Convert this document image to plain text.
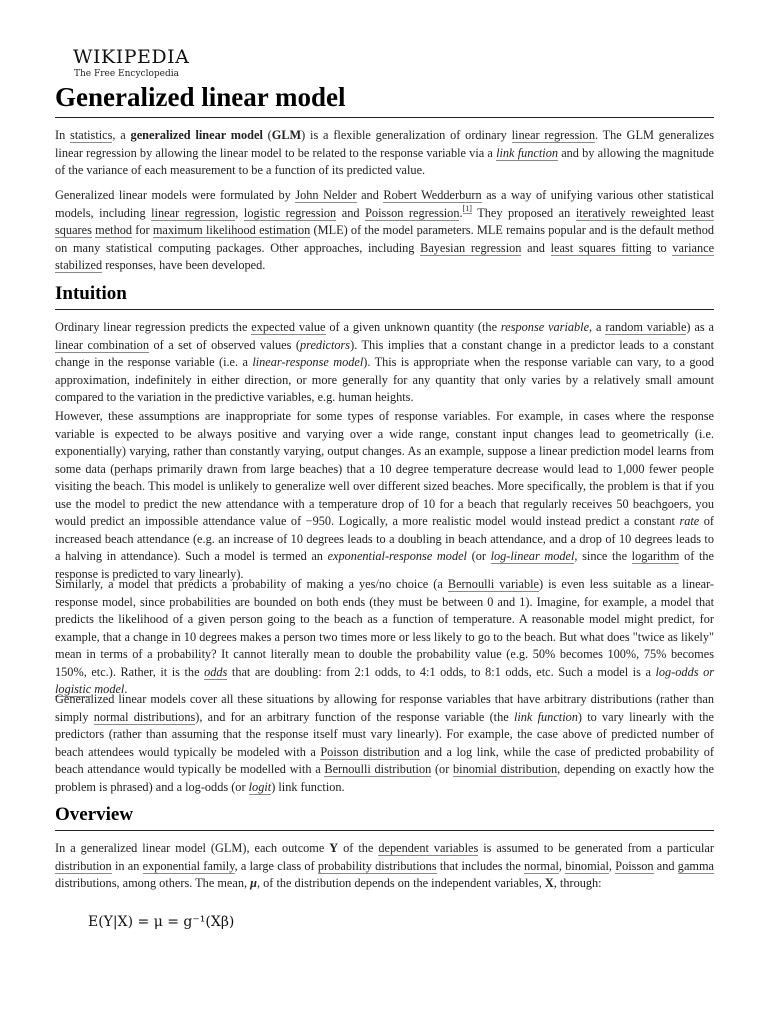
WIKIPEDIA
The Free Encyclopedia
Generalized linear model

In statistics, a generalized linear model (GLM) is a flexible generalization of ordinary linear regression. The GLM generalizes linear regression by allowing the linear model to be related to the response variable via a link function and by allowing the magnitude of the variance of each measurement to be a function of its predicted value.

Generalized linear models were formulated by John Nelder and Robert Wedderburn as a way of unifying various other statistical models, including linear regression, logistic regression and Poisson regression.[1] They proposed an iteratively reweighted least squares method for maximum likelihood estimation (MLE) of the model parameters. MLE remains popular and is the default method on many statistical computing packages. Other approaches, including Bayesian regression and least squares fitting to variance stabilized responses, have been developed.

Intuition

Ordinary linear regression predicts the expected value of a given unknown quantity (the response variable, a random variable) as a linear combination of a set of observed values (predictors). This implies that a constant change in a predictor leads to a constant change in the response variable (i.e. a linear-response model). This is appropriate when the response variable can vary, to a good approximation, indefinitely in either direction, or more generally for any quantity that only varies by a relatively small amount compared to the variation in the predictive variables, e.g. human heights.

However, these assumptions are inappropriate for some types of response variables. For example, in cases where the response variable is expected to be always positive and varying over a wide range, constant input changes lead to geometrically (i.e. exponentially) varying, rather than constantly varying, output changes. As an example, suppose a linear prediction model learns from some data (perhaps primarily drawn from large beaches) that a 10 degree temperature decrease would lead to 1,000 fewer people visiting the beach. This model is unlikely to generalize well over different sized beaches. More specifically, the problem is that if you use the model to predict the new attendance with a temperature drop of 10 for a beach that regularly receives 50 beachgoers, you would predict an impossible attendance value of −950. Logically, a more realistic model would instead predict a constant rate of increased beach attendance (e.g. an increase of 10 degrees leads to a doubling in beach attendance, and a drop of 10 degrees leads to a halving in attendance). Such a model is termed an exponential-response model (or log-linear model, since the logarithm of the response is predicted to vary linearly).

Similarly, a model that predicts a probability of making a yes/no choice (a Bernoulli variable) is even less suitable as a linear-response model, since probabilities are bounded on both ends (they must be between 0 and 1). Imagine, for example, a model that predicts the likelihood of a given person going to the beach as a function of temperature. A reasonable model might predict, for example, that a change in 10 degrees makes a person two times more or less likely to go to the beach. But what does "twice as likely" mean in terms of a probability? It cannot literally mean to double the probability value (e.g. 50% becomes 100%, 75% becomes 150%, etc.). Rather, it is the odds that are doubling: from 2:1 odds, to 4:1 odds, to 8:1 odds, etc. Such a model is a log-odds or logistic model.

Generalized linear models cover all these situations by allowing for response variables that have arbitrary distributions (rather than simply normal distributions), and for an arbitrary function of the response variable (the link function) to vary linearly with the predictors (rather than assuming that the response itself must vary linearly). For example, the case above of predicted number of beach attendees would typically be modeled with a Poisson distribution and a log link, while the case of predicted probability of beach attendance would typically be modelled with a Bernoulli distribution (or binomial distribution, depending on exactly how the problem is phrased) and a log-odds (or logit) link function.

Overview

In a generalized linear model (GLM), each outcome Y of the dependent variables is assumed to be generated from a particular distribution in an exponential family, a large class of probability distributions that includes the normal, binomial, Poisson and gamma distributions, among others. The mean, μ, of the distribution depends on the independent variables, X, through:

E(Y|X) = μ = g⁻¹(Xβ)
